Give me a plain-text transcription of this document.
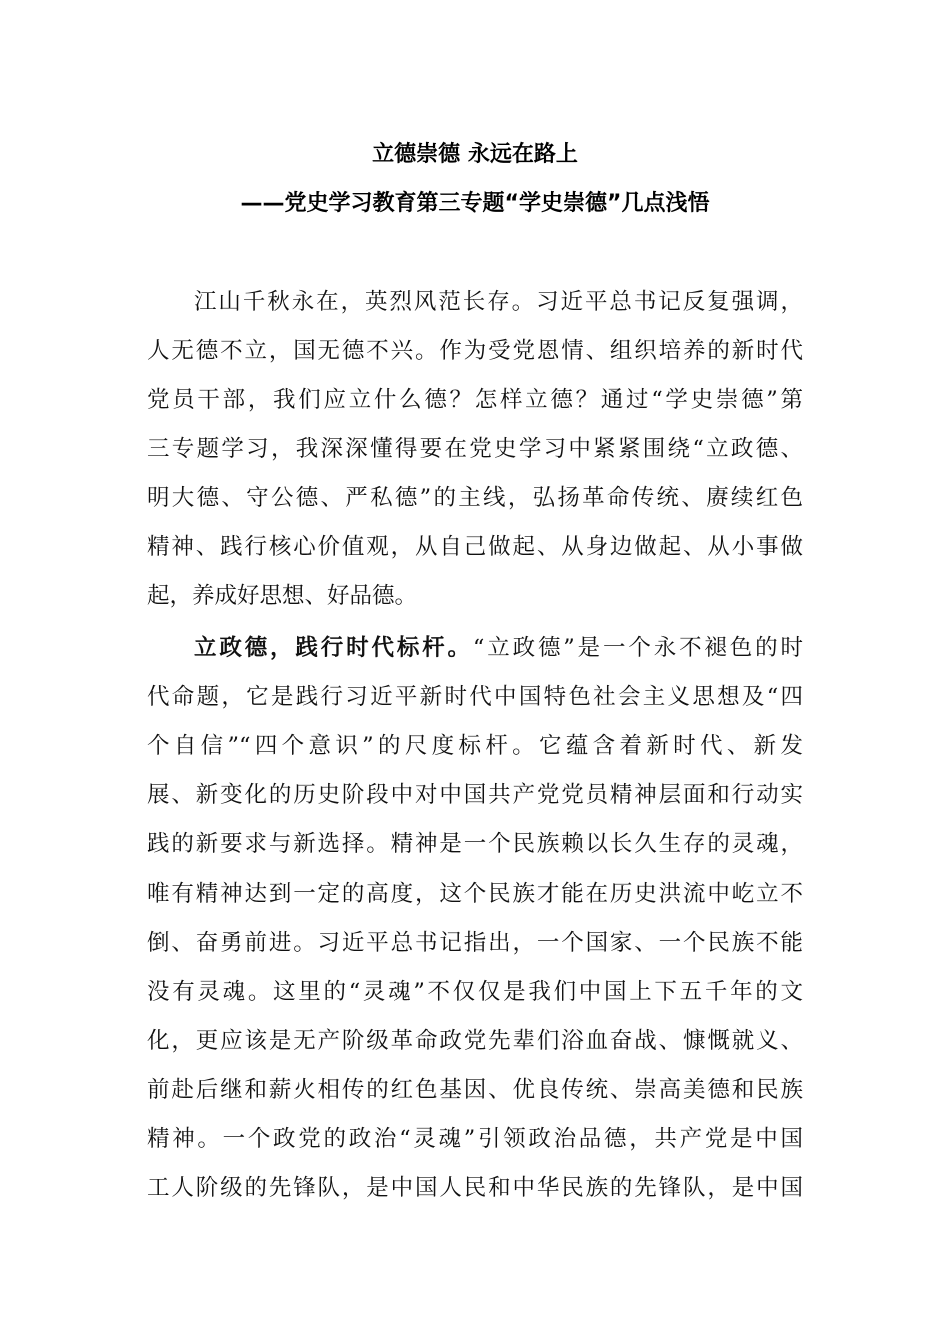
立德崇德 永远在路上
——党史学习教育第三专题“学史崇德”几点浅悟
江山千秋永在，英烈风范长存。习近平总书记反复强调，
人无德不立，国无德不兴。作为受党恩情、组织培养的新时代
党员干部，我们应立什么德？怎样立德？通过“学史崇德”第
三专题学习，我深深懂得要在党史学习中紧紧围绕“立政德、
明大德、守公德、严私德”的主线，弘扬革命传统、赓续红色
精神、践行核心价值观，从自己做起、从身边做起、从小事做
起，养成好思想、好品德。
立政德，践行时代标杆。“立政德”是一个永不褪色的时
代命题，它是践行习近平新时代中国特色社会主义思想及“四
个自信”“四个意识”的尺度标杆。它蕴含着新时代、新发
展、新变化的历史阶段中对中国共产党党员精神层面和行动实
践的新要求与新选择。精神是一个民族赖以长久生存的灵魂，
唯有精神达到一定的高度，这个民族才能在历史洪流中屹立不
倒、奋勇前进。习近平总书记指出，一个国家、一个民族不能
没有灵魂。这里的“灵魂”不仅仅是我们中国上下五千年的文
化，更应该是无产阶级革命政党先辈们浴血奋战、慷慨就义、
前赴后继和薪火相传的红色基因、优良传统、崇高美德和民族
精神。一个政党的政治“灵魂”引领政治品德，共产党是中国
工人阶级的先锋队，是中国人民和中华民族的先锋队，是中国
